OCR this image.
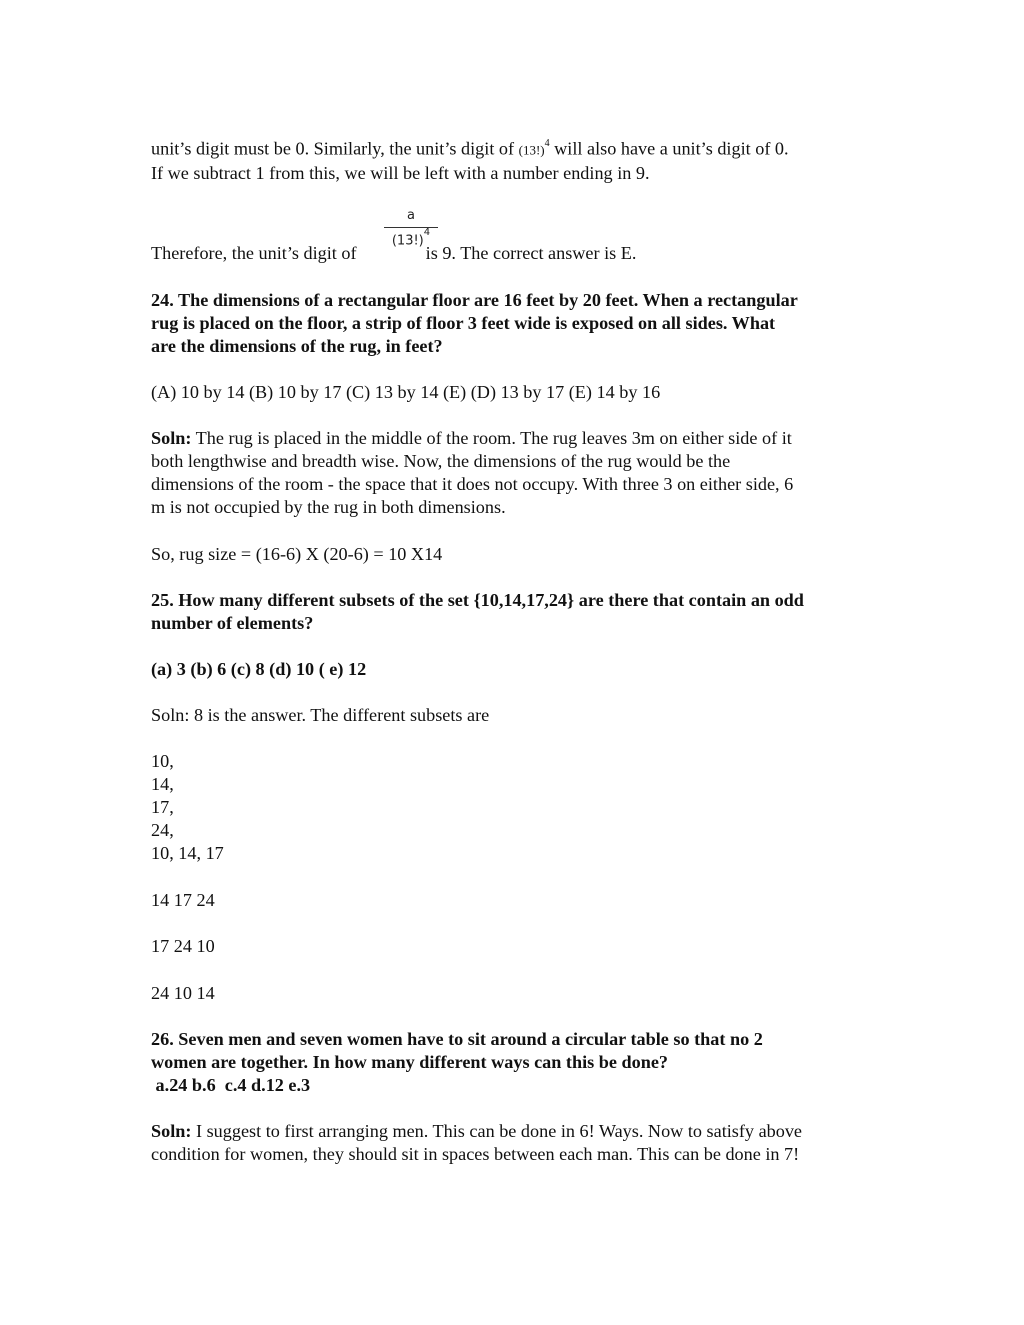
unit’s digit must be 0. Similarly, the unit’s digit of $(13!)^4$ will also have a unit’s digit of 0.
If we subtract 1 from this, we will be left with a number ending in 9.
a
$(13!)^4$
Therefore, the unit’s digit of	is 9. The correct answer is E.
24. The dimensions of a rectangular floor are 16 feet by 20 feet. When a rectangular
rug is placed on the floor, a strip of floor 3 feet wide is exposed on all sides. What
are the dimensions of the rug, in feet?
(A) 10 by 14 (B) 10 by 17 (C) 13 by 14 (E) (D) 13 by 17 (E) 14 by 16
Soln: The rug is placed in the middle of the room. The rug leaves 3m on either side of it
both lengthwise and breadth wise. Now, the dimensions of the rug would be the
dimensions of the room - the space that it does not occupy. With three 3 on either side, 6
m is not occupied by the rug in both dimensions.
So, rug size = (16-6) X (20-6) = 10 X14
25. How many different subsets of the set {10,14,17,24} are there that contain an odd
number of elements?
(a) 3 (b) 6 (c) 8 (d) 10 ( e) 12
Soln: 8 is the answer. The different subsets are
10,
14,
17,
24,
10, 14, 17
14 17 24
17 24 10
24 10 14
26. Seven men and seven women have to sit around a circular table so that no 2
women are together. In how many different ways can this be done?
a.24 b.6  c.4 d.12 e.3
Soln: I suggest to first arranging men. This can be done in 6! Ways. Now to satisfy above
condition for women, they should sit in spaces between each man. This can be done in 7!
